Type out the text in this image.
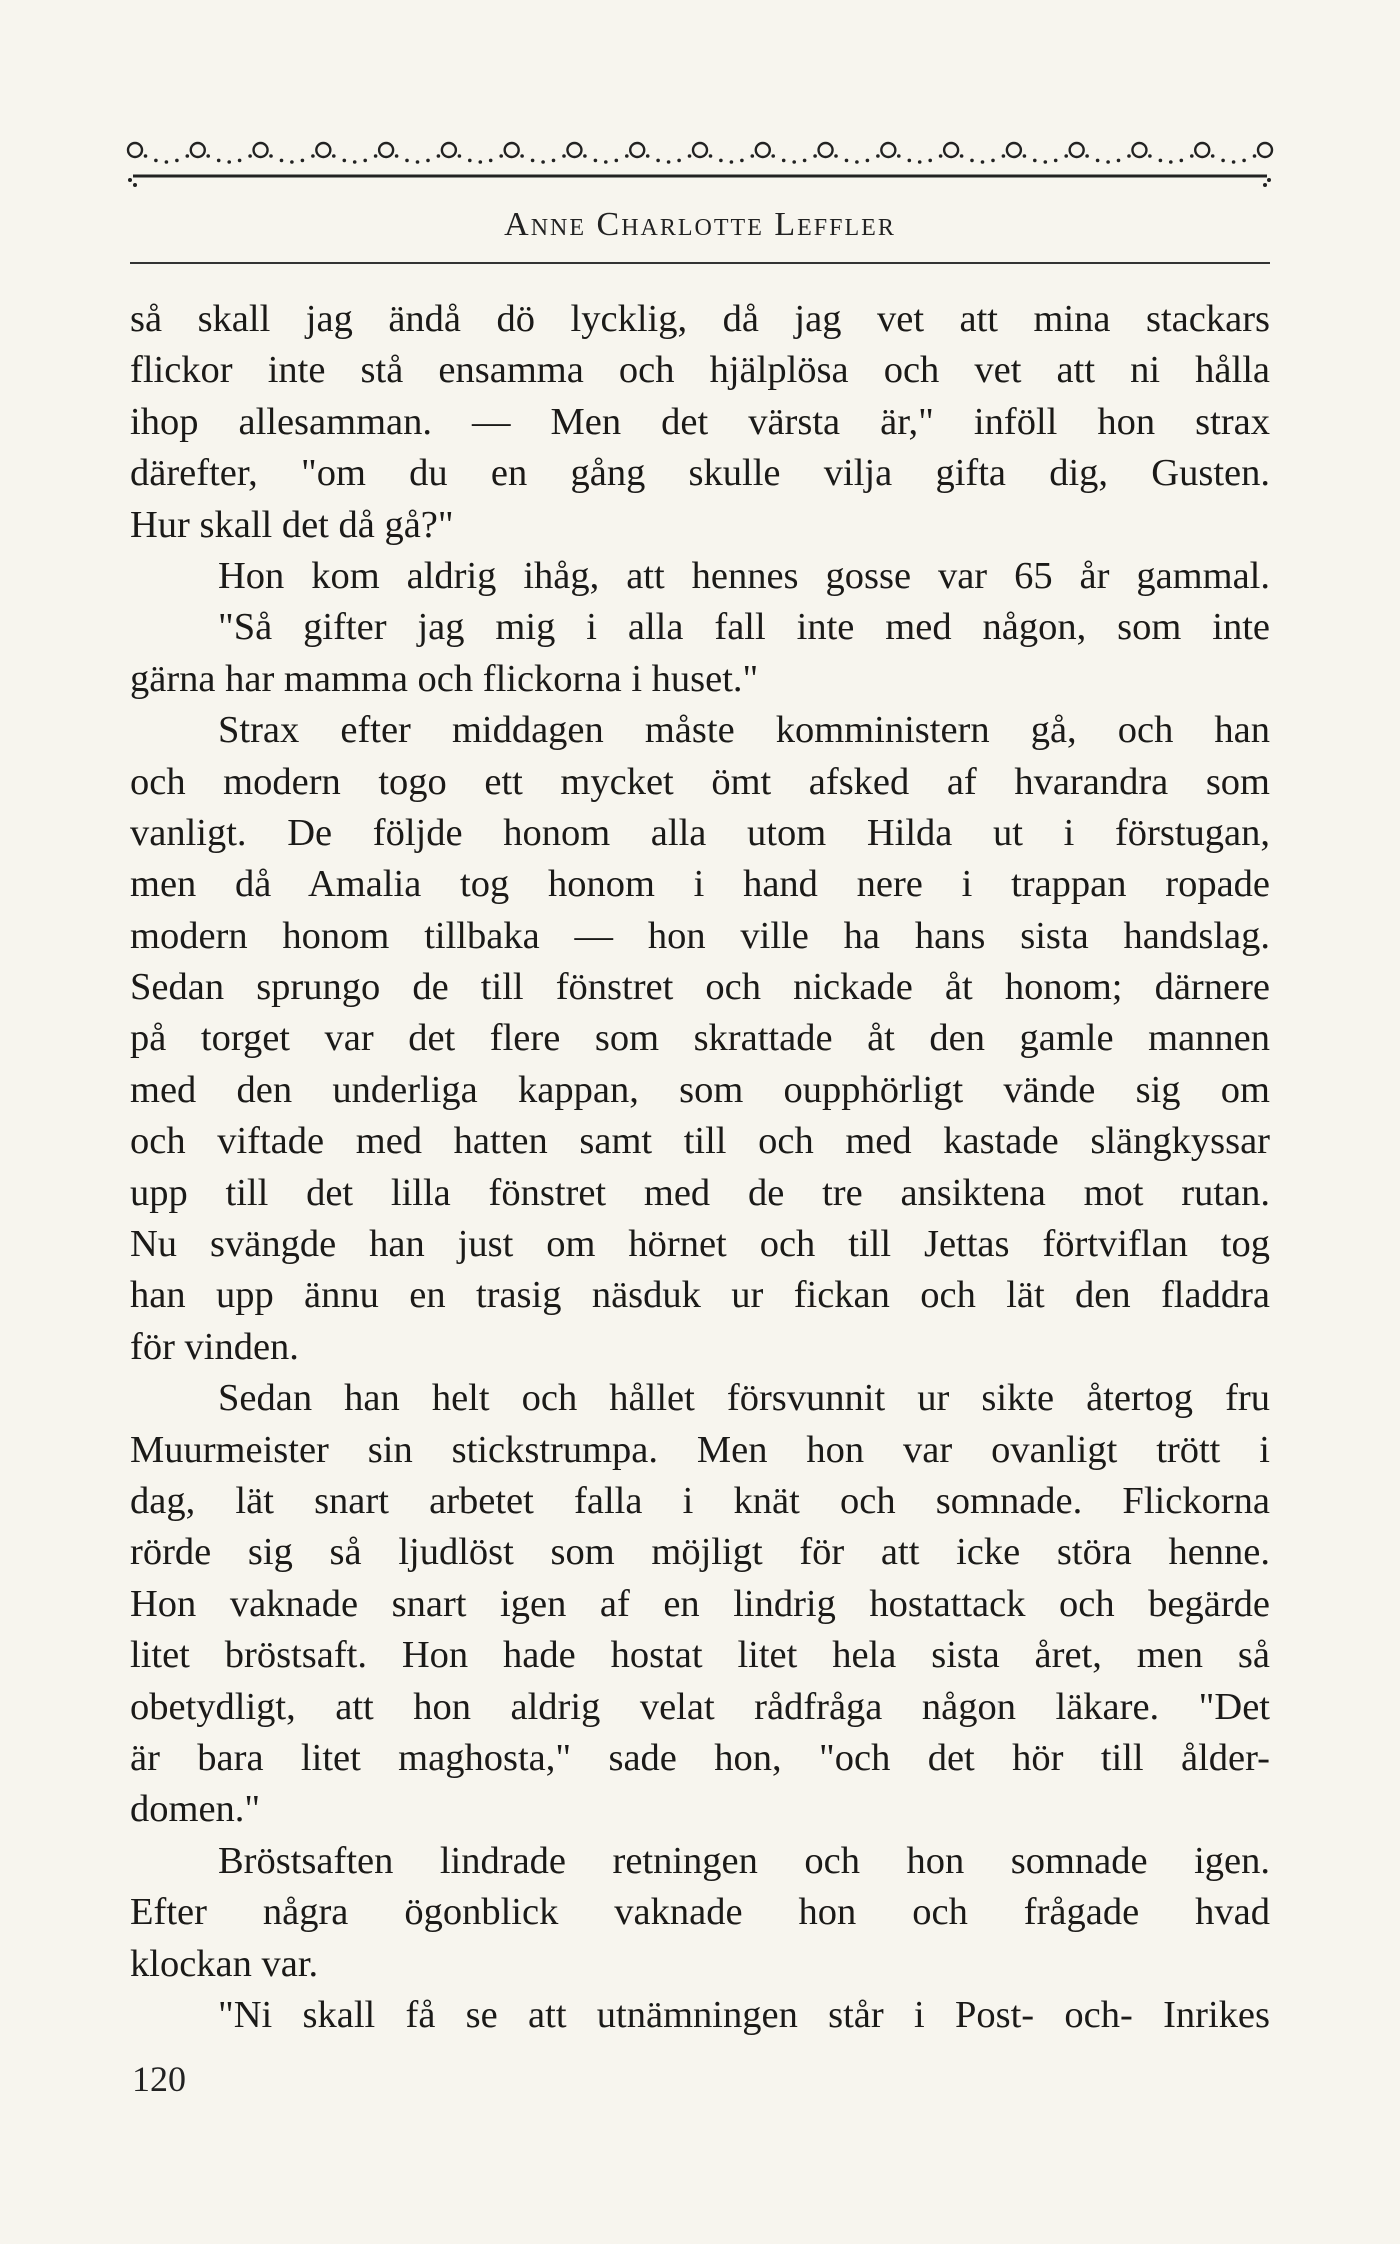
Anne Charlotte Leffler
så skall jag ändå dö lycklig, då jag vet att mina stackars
flickor inte stå ensamma och hjälplösa och vet att ni hålla
ihop allesamman. — Men det värsta är," inföll hon strax
därefter, "om du en gång skulle vilja gifta dig, Gusten.
Hur skall det då gå?"
Hon kom aldrig ihåg, att hennes gosse var 65 år gammal.
"Så gifter jag mig i alla fall inte med någon, som inte
gärna har mamma och flickorna i huset."
Strax efter middagen måste komministern gå, och han
och modern togo ett mycket ömt afsked af hvarandra som
vanligt. De följde honom alla utom Hilda ut i förstugan,
men då Amalia tog honom i hand nere i trappan ropade
modern honom tillbaka — hon ville ha hans sista handslag.
Sedan sprungo de till fönstret och nickade åt honom; därnere
på torget var det flere som skrattade åt den gamle mannen
med den underliga kappan, som oupphörligt vände sig om
och viftade med hatten samt till och med kastade slängkyssar
upp till det lilla fönstret med de tre ansiktena mot rutan.
Nu svängde han just om hörnet och till Jettas förtviflan tog
han upp ännu en trasig näsduk ur fickan och lät den fladdra
för vinden.
Sedan han helt och hållet försvunnit ur sikte återtog fru
Muurmeister sin stickstrumpa. Men hon var ovanligt trött i
dag, lät snart arbetet falla i knät och somnade. Flickorna
rörde sig så ljudlöst som möjligt för att icke störa henne.
Hon vaknade snart igen af en lindrig hostattack och begärde
litet bröstsaft. Hon hade hostat litet hela sista året, men så
obetydligt, att hon aldrig velat rådfråga någon läkare. "Det
är bara litet maghosta," sade hon, "och det hör till ålder-
domen."
Bröstsaften lindrade retningen och hon somnade igen.
Efter några ögonblick vaknade hon och frågade hvad
klockan var.
"Ni skall få se att utnämningen står i Post- och- Inrikes
120
